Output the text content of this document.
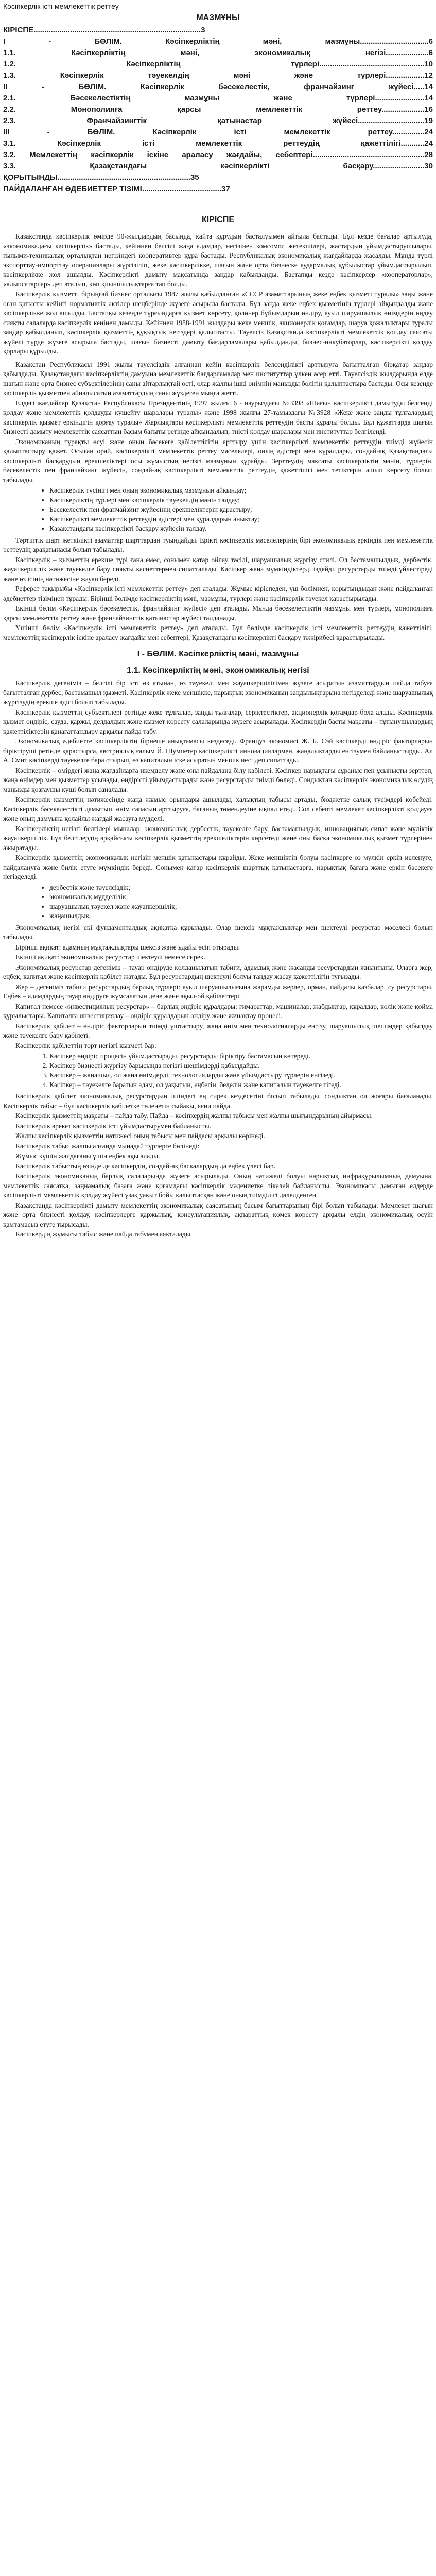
Кәсіпкерлік істі мемлекеттік реттеу
МАЗМҰНЫ

КІРІСПЕ..............................................................................3

І - БӨЛІМ. Кәсіпкерліктің мәні, мазмұны................................6

1.1. Кәсіпкерліктің мәні, экономикалық негізі....................6

1.2. Кәсіпкерліктің түрлері.................................................10

1.3. Кәсіпкерлік тәуекелдің мәні және түрлері..................12

ІІ - БӨЛІМ. Кәсіпкерлік бәсекелестік, франчайзинг жүйесі.....14

2.1. Бәсекелестіктің мазмұны және түрлері.......................14

2.2. Монополияға қарсы мемлекеттік реттеу....................16

2.3. Франчайзингтік қатынастар жүйесі...............................19

ІІІ - БӨЛІМ. Кәсіпкерлік істі мемлекеттік реттеу...............24

3.1. Кәсіпкерлік істі мемлекеттік реттеудің қажеттілігі...........24

3.2. Мемлекеттің кәсіпкерлік іскіне араласу жағдайы, себептері....................................................28

3.3. Қазақстандағы кәсіпкерлікті басқару........................30

ҚОРЫТЫНДЫ..............................................................35

ПАЙДАЛАНҒАН ӘДЕБИЕТТЕР ТІЗІМІ.....................................37

КІРІСПЕ

Қазақстанда кәсіпкерлік өмірде 90-жылдардың басында, қайта құрудың басталуымен айтыла бастады. Бұл кезде бағалар артылуда, «экономикадағы кәсіпкерлік» бастады, кейіннен белгілі жаңа адамдар, негізінен комсомол жетекшілері, жастардың ұйымдастырушылары, ғылыми-техникалық орталықтан негізіндегі кооперативтер құра бастады. Республикалық экономикалық жағдайларда жасалды. Мұнда түрлі экспорттау-импорттау операциялары жүргізіліп, жеке кәсіпкерлікке, шағын және орта бизнеске аудармалық құбылыстар ұйымдастырылып, кәсіпкерлікке жол ашылды. Кәсіпкерлікті дамыту мақсатында заңдар қабылданды. Бастапқы кезде кәсіпкерлер «кооператорлар», «алыпсатарлар» деп аталып, көп қиыншылықтарға тап болды.

Кәсіпкерлік қызметті бірыңғай бизнес орталығы 1987 жылы қабылданған «СССР азаматтарының жеке еңбек қызметі туралы» заңы және оған қатысты кейінгі нормативтік актілер шеңберінде жүзеге асырыла бастады. Бұл заңда жеке еңбек қызметінің түрлері айқындалды және кәсіпкерлікке жол ашылды. Бастапқы кезеңде тұрғындарға қызмет көрсету, қолөнер бұйымдарын өндіру, ауыл шаруашылық өнімдерін өңдеу сияқты салаларда кәсіпкерлік кеңінен дамыды. Кейіннен 1988-1991 жылдары жеке меншік, акционерлік қоғамдар, шаруа қожалықтары туралы заңдар қабылданып, кәсіпкерлік қызметтің құқықтық негіздері қалыптасты. Тәуелсіз Қазақстанда кәсіпкерлікті мемлекеттік қолдау саясаты жүйелі түрде жүзеге асырыла бастады, шағын бизнесті дамыту бағдарламалары қабылданды, бизнес-инкубаторлар, кәсіпкерлікті қолдау қорлары құрылды.

Қазақстан Республикасы 1991 жылы тәуелсіздік алғаннан кейін кәсіпкерлік белсенділікті арттыруға бағытталған бірқатар заңдар қабылдады. Қазақстандағы кәсіпкерліктің дамуына мемлекеттік бағдарламалар мен институттар үлкен әсер етті. Тәуелсіздік жылдарында елде шағын және орта бизнес субъектілерінің саны айтарлықтай өсті, олар жалпы ішкі өнімнің маңызды бөлігін қалыптастыра бастады. Осы кезеңде кәсіпкерлік қызметпен айналысатын азаматтардың саны жүздеген мыңға жетті.

Елдегі жағдайлар Қазақстан Республикасы Президентінің 1997 жылғы 6 - наурыздағы №3398 «Шағын кәсіпкерлікті дамытуды белсенді қолдау және мемлекеттік қолдауды күшейту шаралары туралы» және 1998 жылғы 27-тамыздағы №3928 «Жеке және заңды тұлғалардың кәсіпкерлік қызмет еркіндігін қорғау туралы» Жарлықтары кәсіпкерлікті мемлекеттік реттеудің басты құралы болды. Бұл құжаттарда шағын бизнесті дамыту мемлекеттік саясаттың басым бағыты ретінде айқындалып, тиісті қолдау шаралары мен институттар белгіленді.

Экономиканың тұрақты өсуі және оның бәсекеге қабілеттілігін арттыру үшін кәсіпкерлікті мемлекеттік реттеудің тиімді жүйесін қалыптастыру қажет. Осыған орай, кәсіпкерлікті мемлекеттік реттеу мәселелері, оның әдістері мен құралдары, сондай-ақ Қазақстандағы кәсіпкерлікті басқарудың ерекшеліктері осы жұмыстың негізгі мазмұнын құрайды. Зерттеудің мақсаты кәсіпкерліктің мәнін, түрлерін, бәсекелестік пен франчайзинг жүйесін, сондай-ақ кәсіпкерлікті мемлекеттік реттеудің қажеттілігі мен тетіктерін ашып көрсету болып табылады.

• Кәсіпкерлік түсінігі мен оның экономикалық мазмұнын айқындау;
• Кәсіпкерліктің түрлері мен кәсіпкерлік тәуекелдің мәнін талдау;
• Бәсекелестік пен франчайзинг жүйесінің ерекшеліктерін қарастыру;
• Кәсіпкерлікті мемлекеттік реттеудің әдістері мен құралдарын анықтау;
• Қазақстандағы кәсіпкерлікті басқару жүйесін талдау.

Тәртіптік шарт жеткілікті азаматтар шарттардан туындайды. Ерікті кәсіпкерлік мәселелерінің бірі экономикалық еркіндік пен мемлекеттік реттеудің арақатынасы болып табылады.

Кәсіпкерлік – қызметтің ерекше түрі ғана емес, сонымен қатар ойлау тәсілі, шаруашылық жүргізу стилі. Ол бастамашылдық, дербестік, жауапкершілік және тәуекелге бару сияқты қасиеттермен сипатталады. Кәсіпкер жаңа мүмкіндіктерді іздейді, ресурстарды тиімді үйлестіреді және өз ісінің нәтижесіне жауап береді.

Реферат тақырыбы «Кәсіпкерлік істі мемлекеттік реттеу» деп аталады. Жұмыс кіріспеден, үш бөлімнен, қорытындыдан және пайдаланған әдебиеттер тізімінен тұрады. Бірінші бөлімде кәсіпкерліктің мәні, мазмұны, түрлері және кәсіпкерлік тәуекел қарастырылады.

Екінші бөлім «Кәсіпкерлік бәсекелестік, франчайзинг жүйесі» деп аталады. Мұнда бәсекелестіктің мазмұны мен түрлері, монополияға қарсы мемлекеттік реттеу және франчайзингтік қатынастар жүйесі талданады.

Үшінші бөлім «Кәсіпкерлік істі мемлекеттік реттеу» деп аталады. Бұл бөлімде кәсіпкерлік істі мемлекеттік реттеудің қажеттілігі, мемлекеттің кәсіпкерлік іскіне араласу жағдайы мен себептері, Қазақстандағы кәсіпкерлікті басқару тәжірибесі қарастырылады.

І - БӨЛІМ. Кәсіпкерліктің мәні, мазмұны
1.1. Кәсіпкерліктің мәні, экономикалық негізі

Кәсіпкерлік дегеніміз – белгілі бір істі өз атынан, өз тәуекелі мен жауапкершілігімен жүзеге асыратын азаматтардың пайда табуға бағытталған дербес, бастамашыл қызметі. Кәсіпкерлік жеке меншікке, нарықтық экономиканың заңдылықтарына негізделеді және шаруашылық жүргізудің ерекше әдісі болып табылады.

Кәсіпкерлік қызметтің субъектілері ретінде жеке тұлғалар, заңды тұлғалар, серіктестіктер, акционерлік қоғамдар бола алады. Кәсіпкерлік қызмет өндіріс, сауда, қаржы, делдалдық және қызмет көрсету салаларында жүзеге асырылады. Кәсіпкердің басты мақсаты – тұтынушылардың қажеттіліктерін қанағаттандыру арқылы пайда табу.

Экономикалық әдебиетте кәсіпкерліктің бірнеше анықтамасы кездеседі. Француз экономисі Ж. Б. Сэй кәсіпкерді өндіріс факторларын біріктіруші ретінде қарастырса, австриялық ғалым Й. Шумпетер кәсіпкерлікті инновациялармен, жаңалықтарды енгізумен байланыстырды. Ал А. Смит кәсіпкерді тәуекелге бара отырып, өз капиталын іске асыратын меншік иесі деп сипаттады.

Кәсіпкерлік – өмірдегі жаңа жағдайларға икемделу және оны пайдалана білу қабілеті. Кәсіпкер нарықтағы сұраныс пен ұсынысты зерттеп, жаңа өнімдер мен қызметтер ұсынады, өндірісті ұйымдастырады және ресурстарды тиімді бөледі. Сондықтан кәсіпкерлік экономикалық өсудің маңызды қозғаушы күші болып саналады.

Кәсіпкерлік қызметтің нәтижесінде жаңа жұмыс орындары ашылады, халықтың табысы артады, бюджетке салық түсімдері көбейеді. Кәсіпкерлік бәсекелестікті дамытып, өнім сапасын арттыруға, бағаның төмендеуіне ықпал етеді. Сол себепті мемлекет кәсіпкерлікті қолдауға және оның дамуына қолайлы жағдай жасауға мүдделі.

Кәсіпкерліктің негізгі белгілері мыналар: экономикалық дербестік, тәуекелге бару, бастамашылдық, инновациялық сипат және мүліктік жауапкершілік. Бұл белгілердің әрқайсысы кәсіпкерлік қызметтің ерекшеліктерін көрсетеді және оны басқа экономикалық қызмет түрлерінен ажыратады.

Кәсіпкерлік қызметтің экономикалық негізін меншік қатынастары құрайды. Жеке меншіктің болуы кәсіпкерге өз мүлкін еркін иеленуге, пайдалануға және билік етуге мүмкіндік береді. Сонымен қатар кәсіпкерлік шарттық қатынастарға, нарықтық бағаға және еркін бәсекеге негізделеді.

• дербестік және тәуелсіздік;
• экономикалық мүдделілік;
• шаруашылық тәуекел және жауапкершілік;
• жаңашылдық.

Экономикалық негізі екі фундаменталдық ақиқатқа құрылады. Олар шексіз мұқтаждықтар мен шектеулі ресурстар мәселесі болып табылады.

Бірінші ақиқат: адамның мұқтаждықтары шексіз және ұдайы өсіп отырады.

Екінші ақиқат: экономикалық ресурстар шектеулі немесе сирек.

Экономикалық ресурстар дегеніміз – тауар өндіруде қолданылатын табиғи, адамдық және жасанды ресурстардың жиынтығы. Оларға жер, еңбек, капитал және кәсіпкерлік қабілет жатады. Бұл ресурстардың шектеулі болуы таңдау жасау қажеттілігін туғызады.

Жер – дегеніміз табиғи ресурстардың барлық түрлері: ауыл шаруашылығына жарамды жерлер, орман, пайдалы қазбалар, су ресурстары. Еңбек – адамдардың тауар өндіруге жұмсалатын дене және ақыл-ой қабілеттері.

Капитал немесе «инвестициялық ресурстар» – барлық өндіріс құралдары: ғимараттар, машиналар, жабдықтар, құралдар, көлік және қойма құрылыстары. Капиталға инвестициялау – өндіріс құралдарын өндіру және жинақтау процесі.

Кәсіпкерлік қабілет – өндіріс факторларын тиімді ұштастыру, жаңа өнім мен технологияларды енгізу, шаруашылық шешімдер қабылдау және тәуекелге бару қабілеті.

Кәсіпкерлік қабілеттің төрт негізгі қызметі бар:

1. Кәсіпкер өндіріс процесін ұйымдастырады, ресурстарды біріктіру бастамасын көтереді.
2. Кәсіпкер бизнесті жүргізу барысында негізгі шешімдерді қабылдайды.
3. Кәсіпкер – жаңашыл, ол жаңа өнімдерді, технологияларды және ұйымдастыру түрлерін енгізеді.
4. Кәсіпкер – тәуекелге баратын адам, ол уақытын, еңбегін, беделін және капиталын тәуекелге тігеді.

Кәсіпкерлік қабілет экономикалық ресурстардың ішіндегі ең сирек кездесетіні болып табылады, сондықтан ол жоғары бағаланады. Кәсіпкерлік табыс – бұл кәсіпкерлік қабілетке төленетін сыйақы, яғни пайда.

Кәсіпкерлік қызметтің мақсаты – пайда табу. Пайда – кәсіпкердің жалпы табысы мен жалпы шығындарының айырмасы.

Кәсіпкерлік әрекет кәсіпкерлік істі ұйымдастырумен байланысты.

Жалпы кәсіпкерлік қызметтің нәтижесі оның табысы мен пайдасы арқылы көрінеді.

Кәсіпкерлік табыс жалпы алғанда мынадай түрлерге бөлінеді:

Жұмыс күшін жалдағаны үшін еңбек ақы алады.

Кәсіпкерлік табыстың өзінде де кәсіпкердің, сондай-ақ басқалардың да еңбек үлесі бар.

Кәсіпкерлік экономиканың барлық салаларында жүзеге асырылады. Оның нәтижелі болуы нарықтық инфрақұрылымның дамуына, мемлекеттік саясатқа, заңнамалық базаға және қоғамдағы кәсіпкерлік мәдениетке тікелей байланысты. Экономикасы дамыған елдерде кәсіпкерлікті мемлекеттік қолдау жүйесі ұзақ уақыт бойы қалыптасқан және оның тиімділігі дәлелденген.

Қазақстанда кәсіпкерлікті дамыту мемлекеттің экономикалық саясатының басым бағыттарының бірі болып табылады. Мемлекет шағын және орта бизнесті қолдау, кәсіпкерлерге қаржылық, консультациялық, ақпараттық көмек көрсету арқылы елдің экономикалық өсуін қамтамасыз етуге тырысады.

Кәсіпкердің жұмысы табыс және пайда табумен аяқталады.
